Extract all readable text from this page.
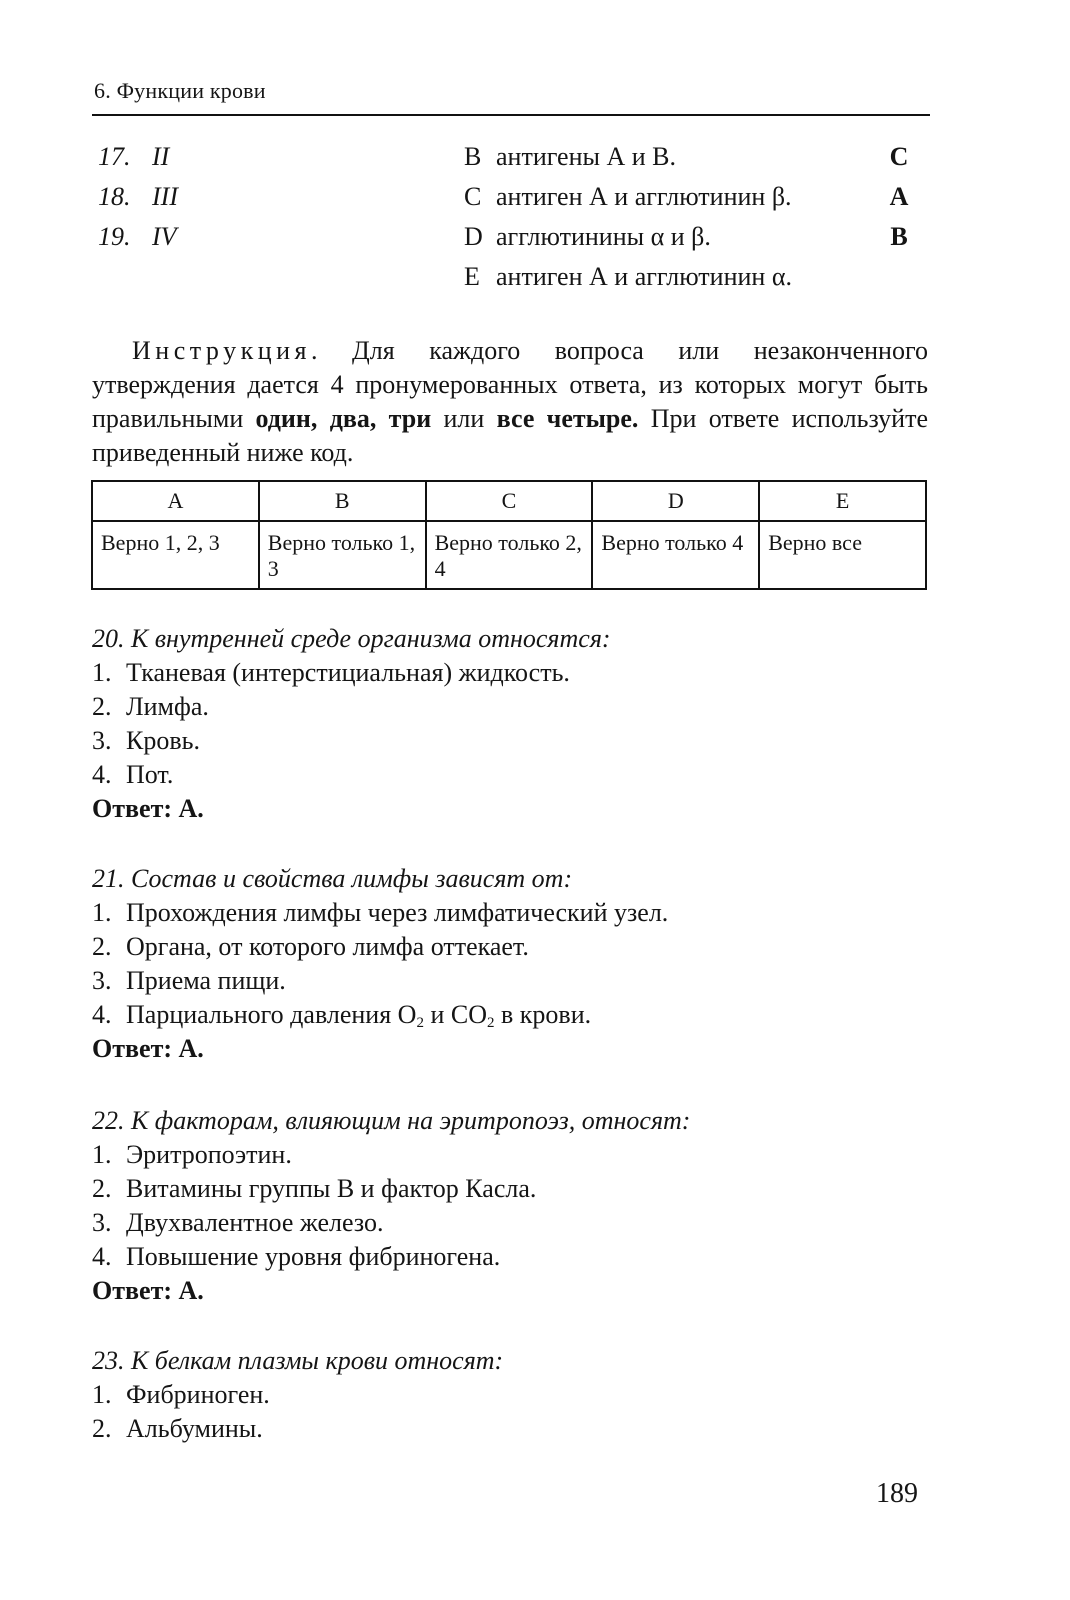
6. Функции крови
17. II	B антигены А и В.	C
18. III	C антиген А и агглютинин β.	A
19. IV	D агглютинины α и β.	B
E антиген А и агглютинин α.
Инструкция. Для каждого вопроса или незаконченного утверждения дается 4 пронумерованных ответа, из которых могут быть правильными один, два, три или все четыре. При ответе используйте приведенный ниже код.
A	B	C	D	E
Верно 1, 2, 3	Верно только 1, 3	Верно только 2, 4	Верно только 4	Верно все
20. К внутренней среде организма относятся:
1. Тканевая (интерстициальная) жидкость.
2. Лимфа.
3. Кровь.
4. Пот.
Ответ: А.
21. Состав и свойства лимфы зависят от:
1. Прохождения лимфы через лимфатический узел.
2. Органа, от которого лимфа оттекает.
3. Приема пищи.
4. Парциального давления $O_2$ и $CO_2$ в крови.
Ответ: А.
22. К факторам, влияющим на эритропоэз, относят:
1. Эритропоэтин.
2. Витамины группы В и фактор Касла.
3. Двухвалентное железо.
4. Повышение уровня фибриногена.
Ответ: А.
23. К белкам плазмы крови относят:
1. Фибриноген.
2. Альбумины.
189
